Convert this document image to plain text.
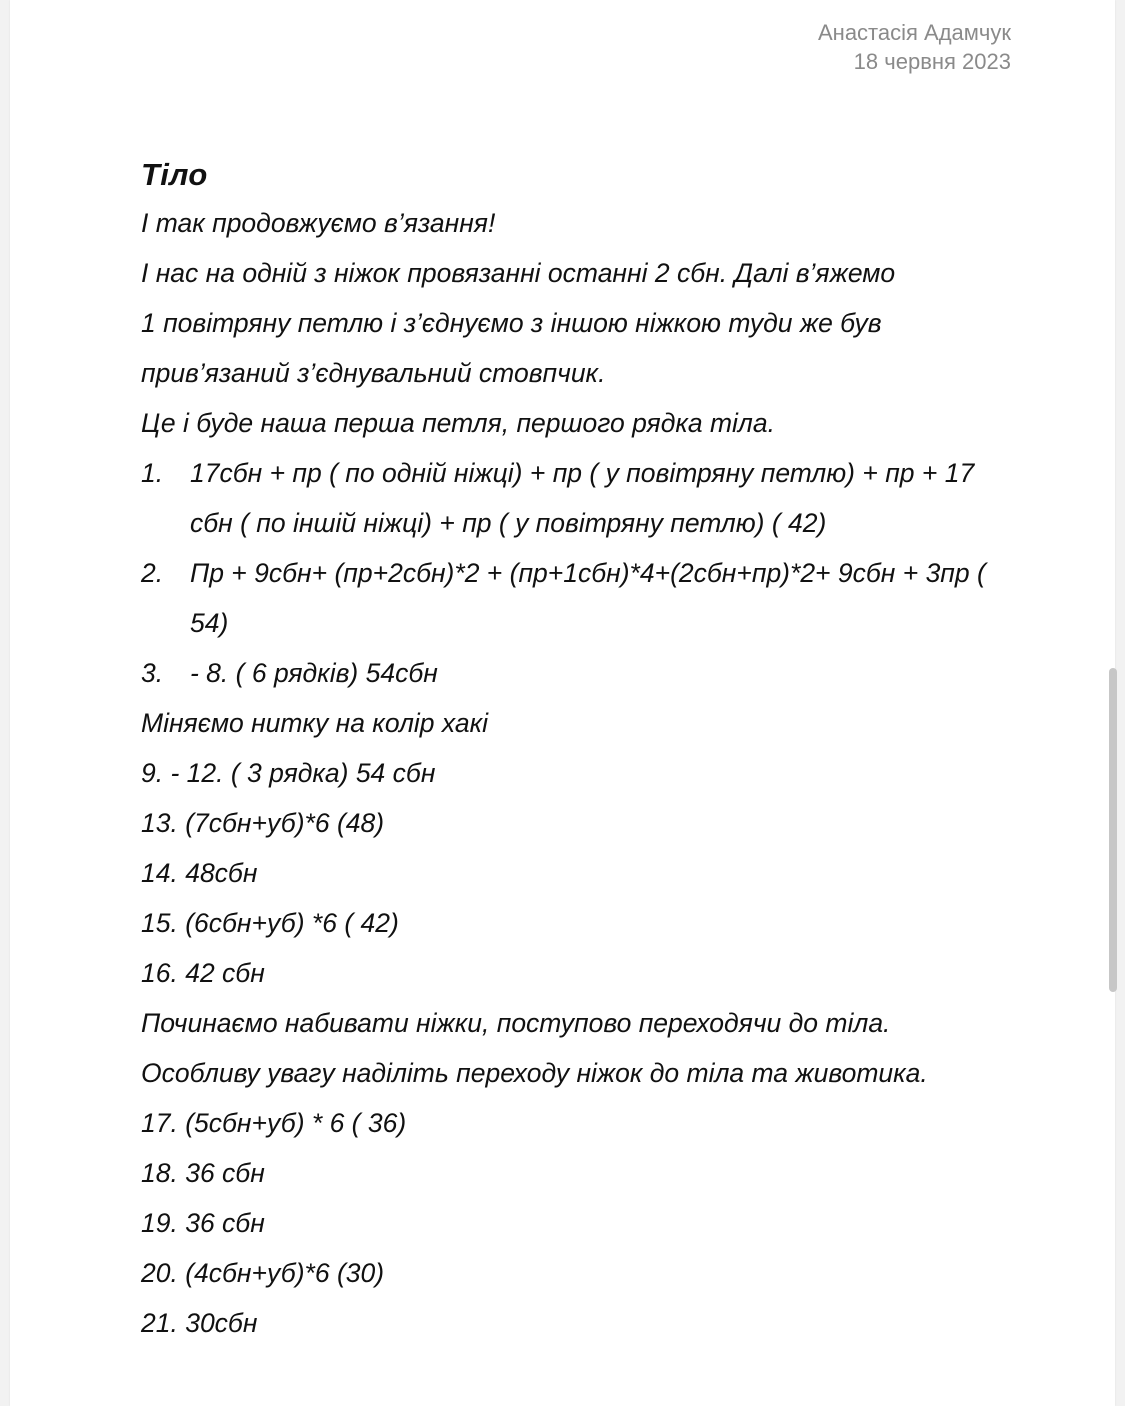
Анастасія Адамчук
18 червня 2023
Тіло
І так продовжуємо в’язання!
І нас на одній з ніжок провязанні останні 2 сбн. Далі в’яжемо
1 повітряну петлю і з’єднуємо з іншою ніжкою туди же був
прив’язаний з’єднувальний стовпчик.
Це і буде наша перша петля, першого рядка тіла.
1.	17сбн + пр ( по одній ніжці) + пр ( у повітряну петлю) + пр + 17 сбн ( по іншій ніжці) + пр ( у повітряну петлю) ( 42)
2.	Пр + 9сбн+ (пр+2сбн)*2 + (пр+1сбн)*4+(2сбн+пр)*2+ 9сбн + 3пр ( 54)
3.	- 8. ( 6 рядків) 54сбн
Міняємо нитку на колір хакі
9. - 12. ( 3 рядка) 54 сбн
13. (7сбн+уб)*6 (48)
14. 48сбн
15. (6сбн+уб) *6 ( 42)
16. 42 сбн
Починаємо набивати ніжки, поступово переходячи до тіла.
Особливу увагу наділіть переходу ніжок до тіла та животика.
17. (5сбн+уб) * 6 ( 36)
18. 36 сбн
19. 36 сбн
20. (4сбн+уб)*6 (30)
21. 30сбн
